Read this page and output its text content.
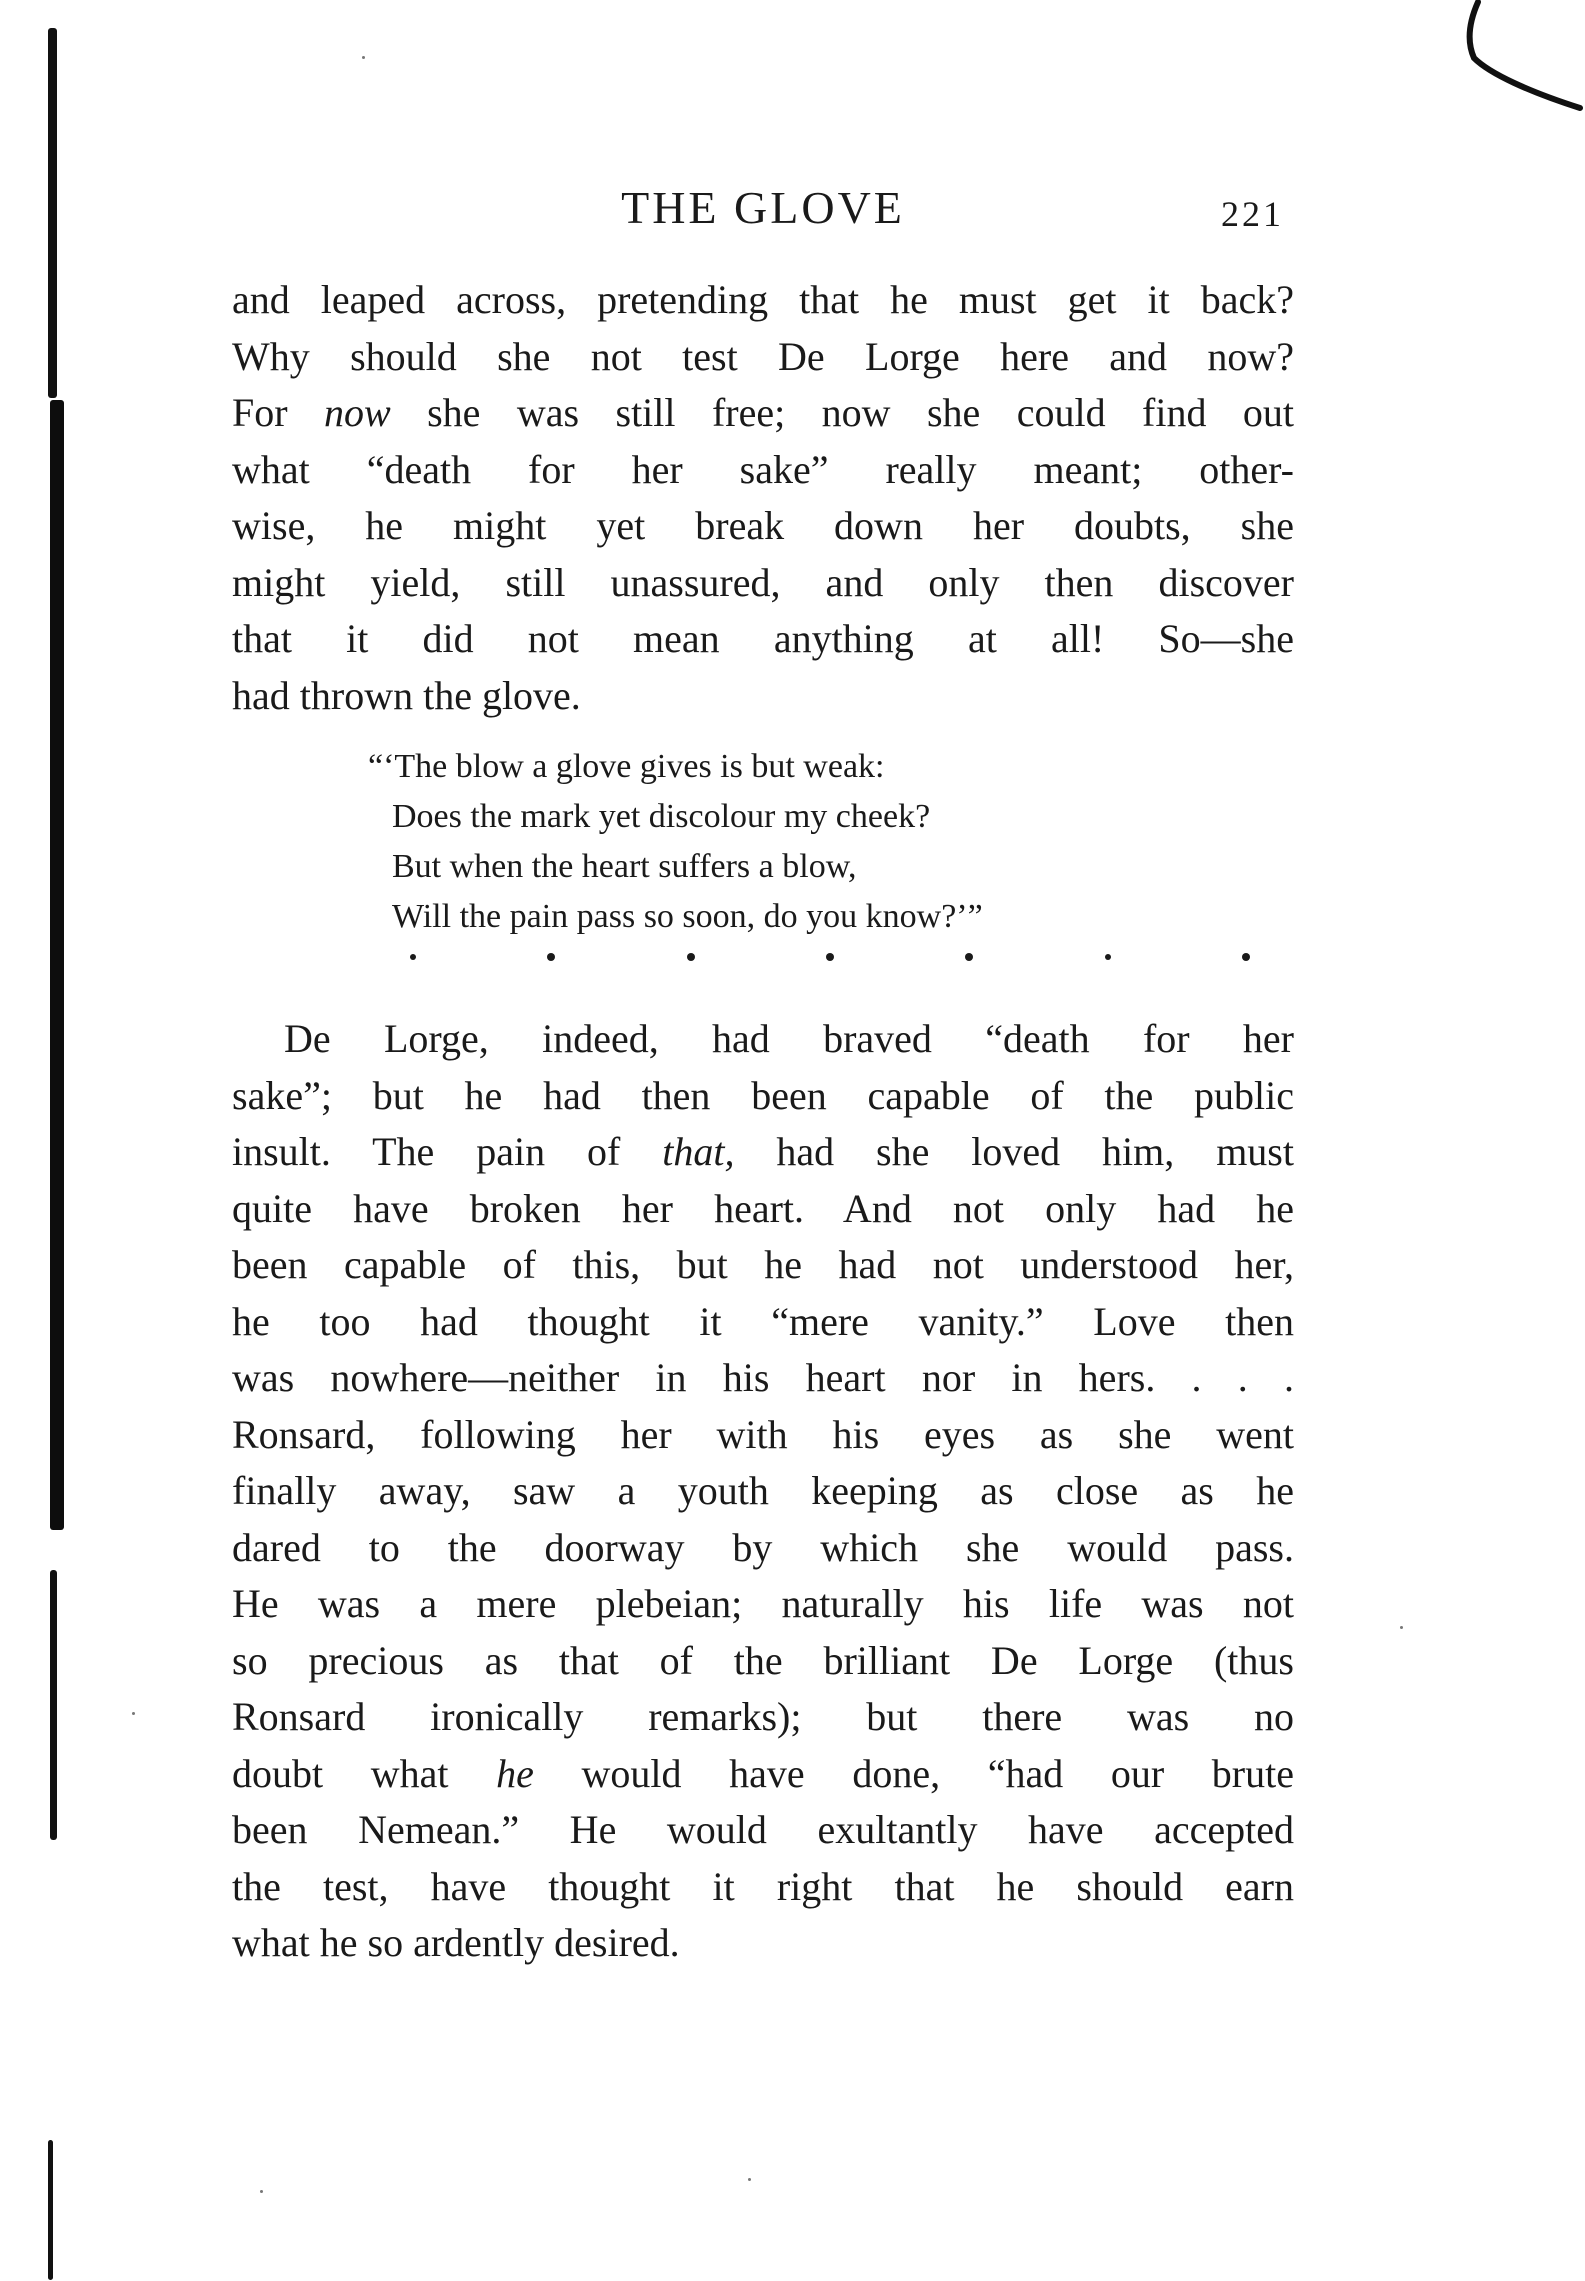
THE GLOVE	221
and leaped across, pretending that he must get it back?
Why should she not test De Lorge here and now?
For now she was still free; now she could find out
what “death for her sake” really meant; other-
wise, he might yet break down her doubts, she
might yield, still unassured, and only then discover
that it did not mean anything at all! So—she
had thrown the glove.
“‘The blow a glove gives is but weak:
Does the mark yet discolour my cheek?
But when the heart suffers a blow,
Will the pain pass so soon, do you know?’”
De Lorge, indeed, had braved “death for her
sake”; but he had then been capable of the public
insult. The pain of that, had she loved him, must
quite have broken her heart. And not only had he
been capable of this, but he had not understood her,
he too had thought it “mere vanity.” Love then
was nowhere—neither in his heart nor in hers. . . .
Ronsard, following her with his eyes as she went
finally away, saw a youth keeping as close as he
dared to the doorway by which she would pass.
He was a mere plebeian; naturally his life was not
so precious as that of the brilliant De Lorge (thus
Ronsard ironically remarks); but there was no
doubt what he would have done, “had our brute
been Nemean.” He would exultantly have accepted
the test, have thought it right that he should earn
what he so ardently desired.
